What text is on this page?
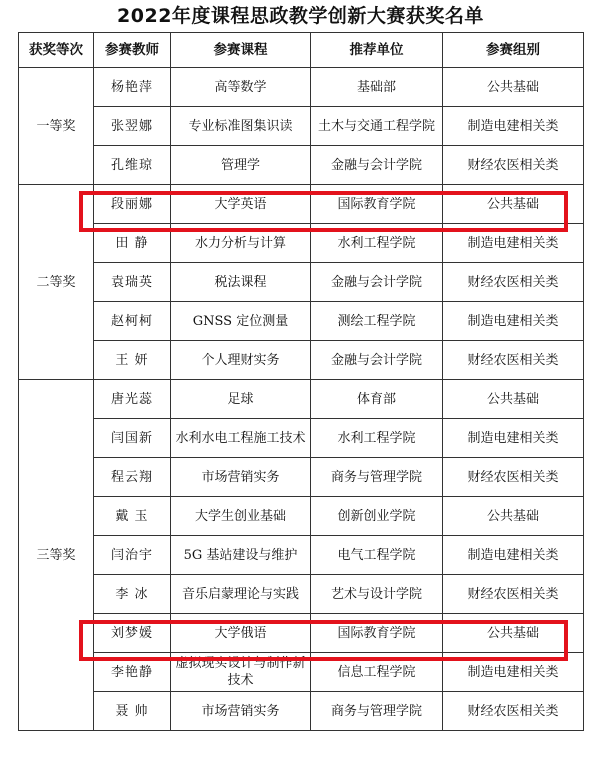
2022年度课程思政教学创新大赛获奖名单
获奖等次	参赛教师	参赛课程	推荐单位	参赛组别
一等奖	杨艳萍	高等数学	基础部	公共基础
	张翌娜	专业标准图集识读	土木与交通工程学院	制造电建相关类
	孔维琼	管理学	金融与会计学院	财经农医相关类
二等奖	段丽娜	大学英语	国际教育学院	公共基础
	田 静	水力分析与计算	水利工程学院	制造电建相关类
	袁瑞英	税法课程	金融与会计学院	财经农医相关类
	赵柯柯	GNSS 定位测量	测绘工程学院	制造电建相关类
	王 妍	个人理财实务	金融与会计学院	财经农医相关类
三等奖	唐光蕊	足球	体育部	公共基础
	闫国新	水利水电工程施工技术	水利工程学院	制造电建相关类
	程云翔	市场营销实务	商务与管理学院	财经农医相关类
	戴 玉	大学生创业基础	创新创业学院	公共基础
	闫治宇	5G 基站建设与维护	电气工程学院	制造电建相关类
	李 冰	音乐启蒙理论与实践	艺术与设计学院	财经农医相关类
	刘梦媛	大学俄语	国际教育学院	公共基础
	李艳静	虚拟现实设计与制作新技术	信息工程学院	制造电建相关类
	聂 帅	市场营销实务	商务与管理学院	财经农医相关类
